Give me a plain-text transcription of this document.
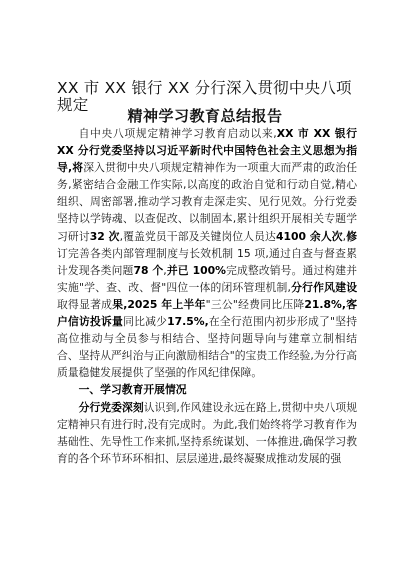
XX 市 XX 银行 XX 分行深入贯彻中央八项规定
精神学习教育总结报告

自中央八项规定精神学习教育启动以来,XX 市 XX 银行 XX 分行党委坚持以习近平新时代中国特色社会主义思想为指导,将深入贯彻中央八项规定精神作为一项重大而严肃的政治任务,紧密结合金融工作实际,以高度的政治自觉和行动自觉,精心组织、周密部署,推动学习教育走深走实、见行见效。分行党委坚持以学铸魂、以查促改、以制固本,累计组织开展相关专题学习研讨32 次,覆盖党员干部及关键岗位人员达4100 余人次,修订完善各类内部管理制度与长效机制 15 项,通过自查与督查累计发现各类问题78 个,并已 100%完成整改销号。通过构建并实施"学、查、改、督"四位一体的闭环管理机制,分行作风建设取得显著成果,2025 年上半年"三公"经费同比压降21.8%,客户信访投诉量同比减少17.5%,在全行范围内初步形成了"坚持高位推动与全员参与相结合、坚持问题导向与建章立制相结合、坚持从严纠治与正向激励相结合"的宝贵工作经验,为分行高质量稳健发展提供了坚强的作风纪律保障。

一、学习教育开展情况

分行党委深刻认识到,作风建设永远在路上,贯彻中央八项规定精神只有进行时,没有完成时。为此,我们始终将学习教育作为基础性、先导性工作来抓,坚持系统谋划、一体推进,确保学习教育的各个环节环环相扣、层层递进,最终凝聚成推动发展的强
